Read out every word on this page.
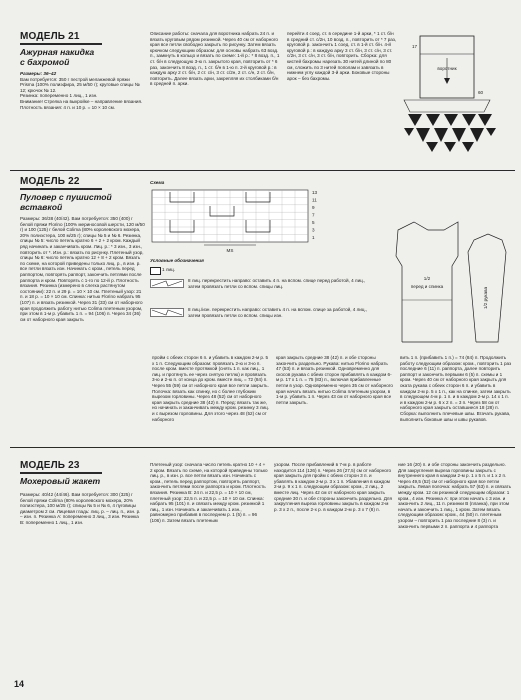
МОДЕЛЬ 21
Ажурная накидка
с бахромой
Размеры: 36–42
Вам потребуется: 350 г пестрой меланжевой пряжи Prisma (100% полиэфира, 25 м/50 г); круговые спицы № 12; крючок № 12.
Резинка: попеременно 1 лиц., 1 изн.
Внимание! Стрелка на выкройке – направление вязания.
Плотность вязания: 4 п. и 10 р. = 10 × 10 см.
Описание работы: сначала для воротника набрать 24 п. и вязать круговым рядом резинкой. Через 40 см от наборного края все петли свободно закрыть по рисунку. Затем вязать крючком следующим образом: для основы набрать 63 возд. п., замкнуть в кольцо и вязать по схеме: 1-й р.: * 8 возд. п., 1 ст. б/н в следующую 3-ю п. закрытого края, повторить от * 6 раз, закончить 8 возд. п., 1 ст. б/н в 1-ю п. 2-й круговой р.: в каждую арку 2 ст. б/н, 2 ст. с/н, 3 ст. с/2н, 2 ст. с/н, 2 ст. б/н, повторить. Далее вязать арки, закрепляя их столбиками б/н в средней п. арки.
перейти 4 соед. ст. в середине 1-й арки, * 1 ст. б/н в средний ст. с/2н, 10 возд. п., повторить от * 7 раз, круговой р. закончить 1 соед. ст. в 1-й ст. б/н. 4-й круговой р.: в каждую арку 3 ст. б/н, 3 ст. с/н, 3 ст. с/2н, 3 ст. с/н, 3 ст. б/н, повторить. Сборка: для кистей бахромы нарезать 30 нитей длиной по 80 см, сложить по 3 нитей пополам и завязать в нижнем углу каждой 3-й арки. Боковые стороны арок – без бахромы.
воротник
17
60
МОДЕЛЬ 22
Пуловер с пушистой
вставкой
Размеры: 36/38 (40/42). Вам потребуется: 350 (400) г белой пряжи Florino (100% мериносовой шерсти, 120 м/50 г) и 100 (125) г белой Colima (80% королевского мохера, 20% полиэстера, 100 м/25 г); спицы № 5 и № 6. Резинка, спицы № 5: число петель кратно 6 + 2 + 2 кром. Каждый ряд начинать и заканчивать кром. Лиц. р.: * 3 изн., 3 изн., повторить от *. Изн. р.: вязать по рисунку. Плетеный узор, спицы № 6: число петель кратно 12 + 8 + 2 кром. Вязать по схеме, на которой приведены только лиц. р., в изн. р. все петли вязать изн. Начинать с кром., петель перед раппортом, повторять раппорт, закончить петлями после раппорта и кром. Повторять с 1-го по 12-й р. Плотность вязания. Резинка (измерено в слегка растянутом состоянии): 22 п. и 29 р. = 10 × 10 см. Плетеный узор: 21 п. и 18 р. = 10 × 10 см. Спинка: нитью Florino набрать 95 (107) п. и вязать резинкой. Через 31 (33) см от наборного края продолжить работу нитью Colima плетеным узором, при этом в 1-м р. убавить 1 п. = 94 (106) п. Через 34 (36) см от наборного края закрыть
Схема
MS
13
11
9
7
5
3
1
Условные обозначения
1 лиц.
8 лиц. перекрестить направо: оставить 4 п. на вспом. спице перед работой, 4 лиц., затем провязать петли со вспом. спицы лиц.
8 лиц./изн. перекрестить направо: оставить 4 п. на вспом. спице за работой, 4 лиц., затем провязать петли со вспом. спицы изн.
1/2
перед и спинка
1/2 рукава
пройм с обеих сторон 6 п. и убавить в каждом 2-м р. 5 х 1 п. Следующим образом: провязать 2-ю и 3-ю п. после кром. вместе протяжкой (снять 1 п. как лиц., 1 лиц. и протянуть ее через снятую петлю) и провязать 3-ю и 2-ю п. от конца до кром. вместе лиц. = 72 (84) п. Через 55 (59) см от наборного края все петли закрыть. Полочка: вязать как спинку, но с более глубоким вырезом горловины. Через 48 (52) см от наборного края закрыть средние 38 (42) п. Перед: вязать так же, но начинать и заканчивать между кром. резинку 3 лиц. и с вырезом горловины. Для этого через 48 (52) см от наборного
края закрыть средние 38 (42) п. и обе стороны закончить раздельно. Рукава: нитью Florino набрать 47 (53) п. и вязать резинкой. Одновременно для скосов рукава с обеих сторон прибавлять в каждом 6-м р. 17 x 1 п. = 75 (83) п., включая прибавленные петли в узор. Одновременно через 35 см от наборного края начать вязать нитью Colima плетеным узором, в 1-м р. убавить 1 п. Через 43 см от наборного края все петли закрыть.
вить 1 п. (прибавить 1 п.) = 74 (84) п. Продолжить работу следующим образом: кром., повторить 1 раз последние 6 (11) п. раппорта, далее повторить раппорт и закончить первыми 6 (5) п. схемы и 1 кром. Через 40 см от наборного края закрыть для оката рукава с обеих сторон 6 п. и убавить в каждом 2-м р. 5 х 1 п., как на спинке, затем закрыть в следующем 4-м р. 1 п. и в каждом 2-м р. 14 х 1 п. и в каждом 2-м р. 6 х 2 п. = 3 п. Через 58 см от наборного края закрыть оставшиеся 18 (28) п. Сборка: выполнить плечевые швы. Втачать рукава, выполнить боковые швы и швы рукавов.
МОДЕЛЬ 23
Мохеровый жакет
Размеры: 40/42 (44/46). Вам потребуется: 300 (325) г белой пряжи Colima (80% королевского мохера, 20% полиэстера, 100 м/25 г); спицы № 5 и № 6, 4 пуговицы диаметром 2 см. Лицевая гладь: лиц. р. – лиц. п., изн. р. – изн. п. Резинка А: попеременно 3 лиц., 3 изн. Резинка В: попеременно 1 лиц., 1 изн.
Плетеный узор: сначала число петель кратно 10 + 4 + 2 кром. Вязать по схеме, на которой приведены только лиц. р., в изн. р. все петли вязать изн. Начинать с кром., петель перед раппортом, повторять раппорт, закончить петлями после раппорта и кром. Плотность вязания. Резинка В: 24 п. и 22,5 р. = 10 × 10 см, плетеный узор: 22,5 п. и 22,5 р. = 10 × 10 см. Спинка: набрать 95 (101) п. и связать между кром. резинкой 1 лиц., 1 изн. Начинать и заканчивать 1 изн., равномерно прибавив в последнем р. 1 (5) п. = 96 (106) п. Затем вязать плетеным
узором. После прибавлений в 7-м р. в работе находится 114 (126) п. Через 26 (27,5) см от наборного края закрыть для пройм с обеих сторон 3 п. и убавлять в каждом 2-м р. 3 х 1 п. Убавления в каждом 2-м р. 9 х 1 п. следующим образом: кром., 2 лиц., 2 вместе лиц. Через 42 см от наборного края закрыть средние 30 п. и обе стороны закончить раздельно. Для закругления выреза горловины закрыть в каждом 2-м р. 3 х 2 п., после 2-х р. в каждом 2-м р. 3 х 7 (8) п.
ние 16 (20) п. и обе стороны закончить раздельно. Для закругления выреза горловины закрыть с внутреннего края в каждом 2-м р. 1 х 5 п. и 1 х 2 п. Через 49,5 (52) см от наборного края все петли закрыть. Левая полочка: набрать 57 (63) п. и связать между кром. 12 см резинкой следующим образом: 1 кром., 4 изн. Резинка А: при этом начать с 3 изн. и закончить 2 лиц., 11 п. резинки В (планка), при этом начать и закончить 1 лиц., 1 кром. Затем вязать следующим образом: кром., 44 (50) п. плетеным узором – повторить 1 раз последние 8 (3) п. и закончить первыми 2 п. раппорта и 4 раппорта
14
